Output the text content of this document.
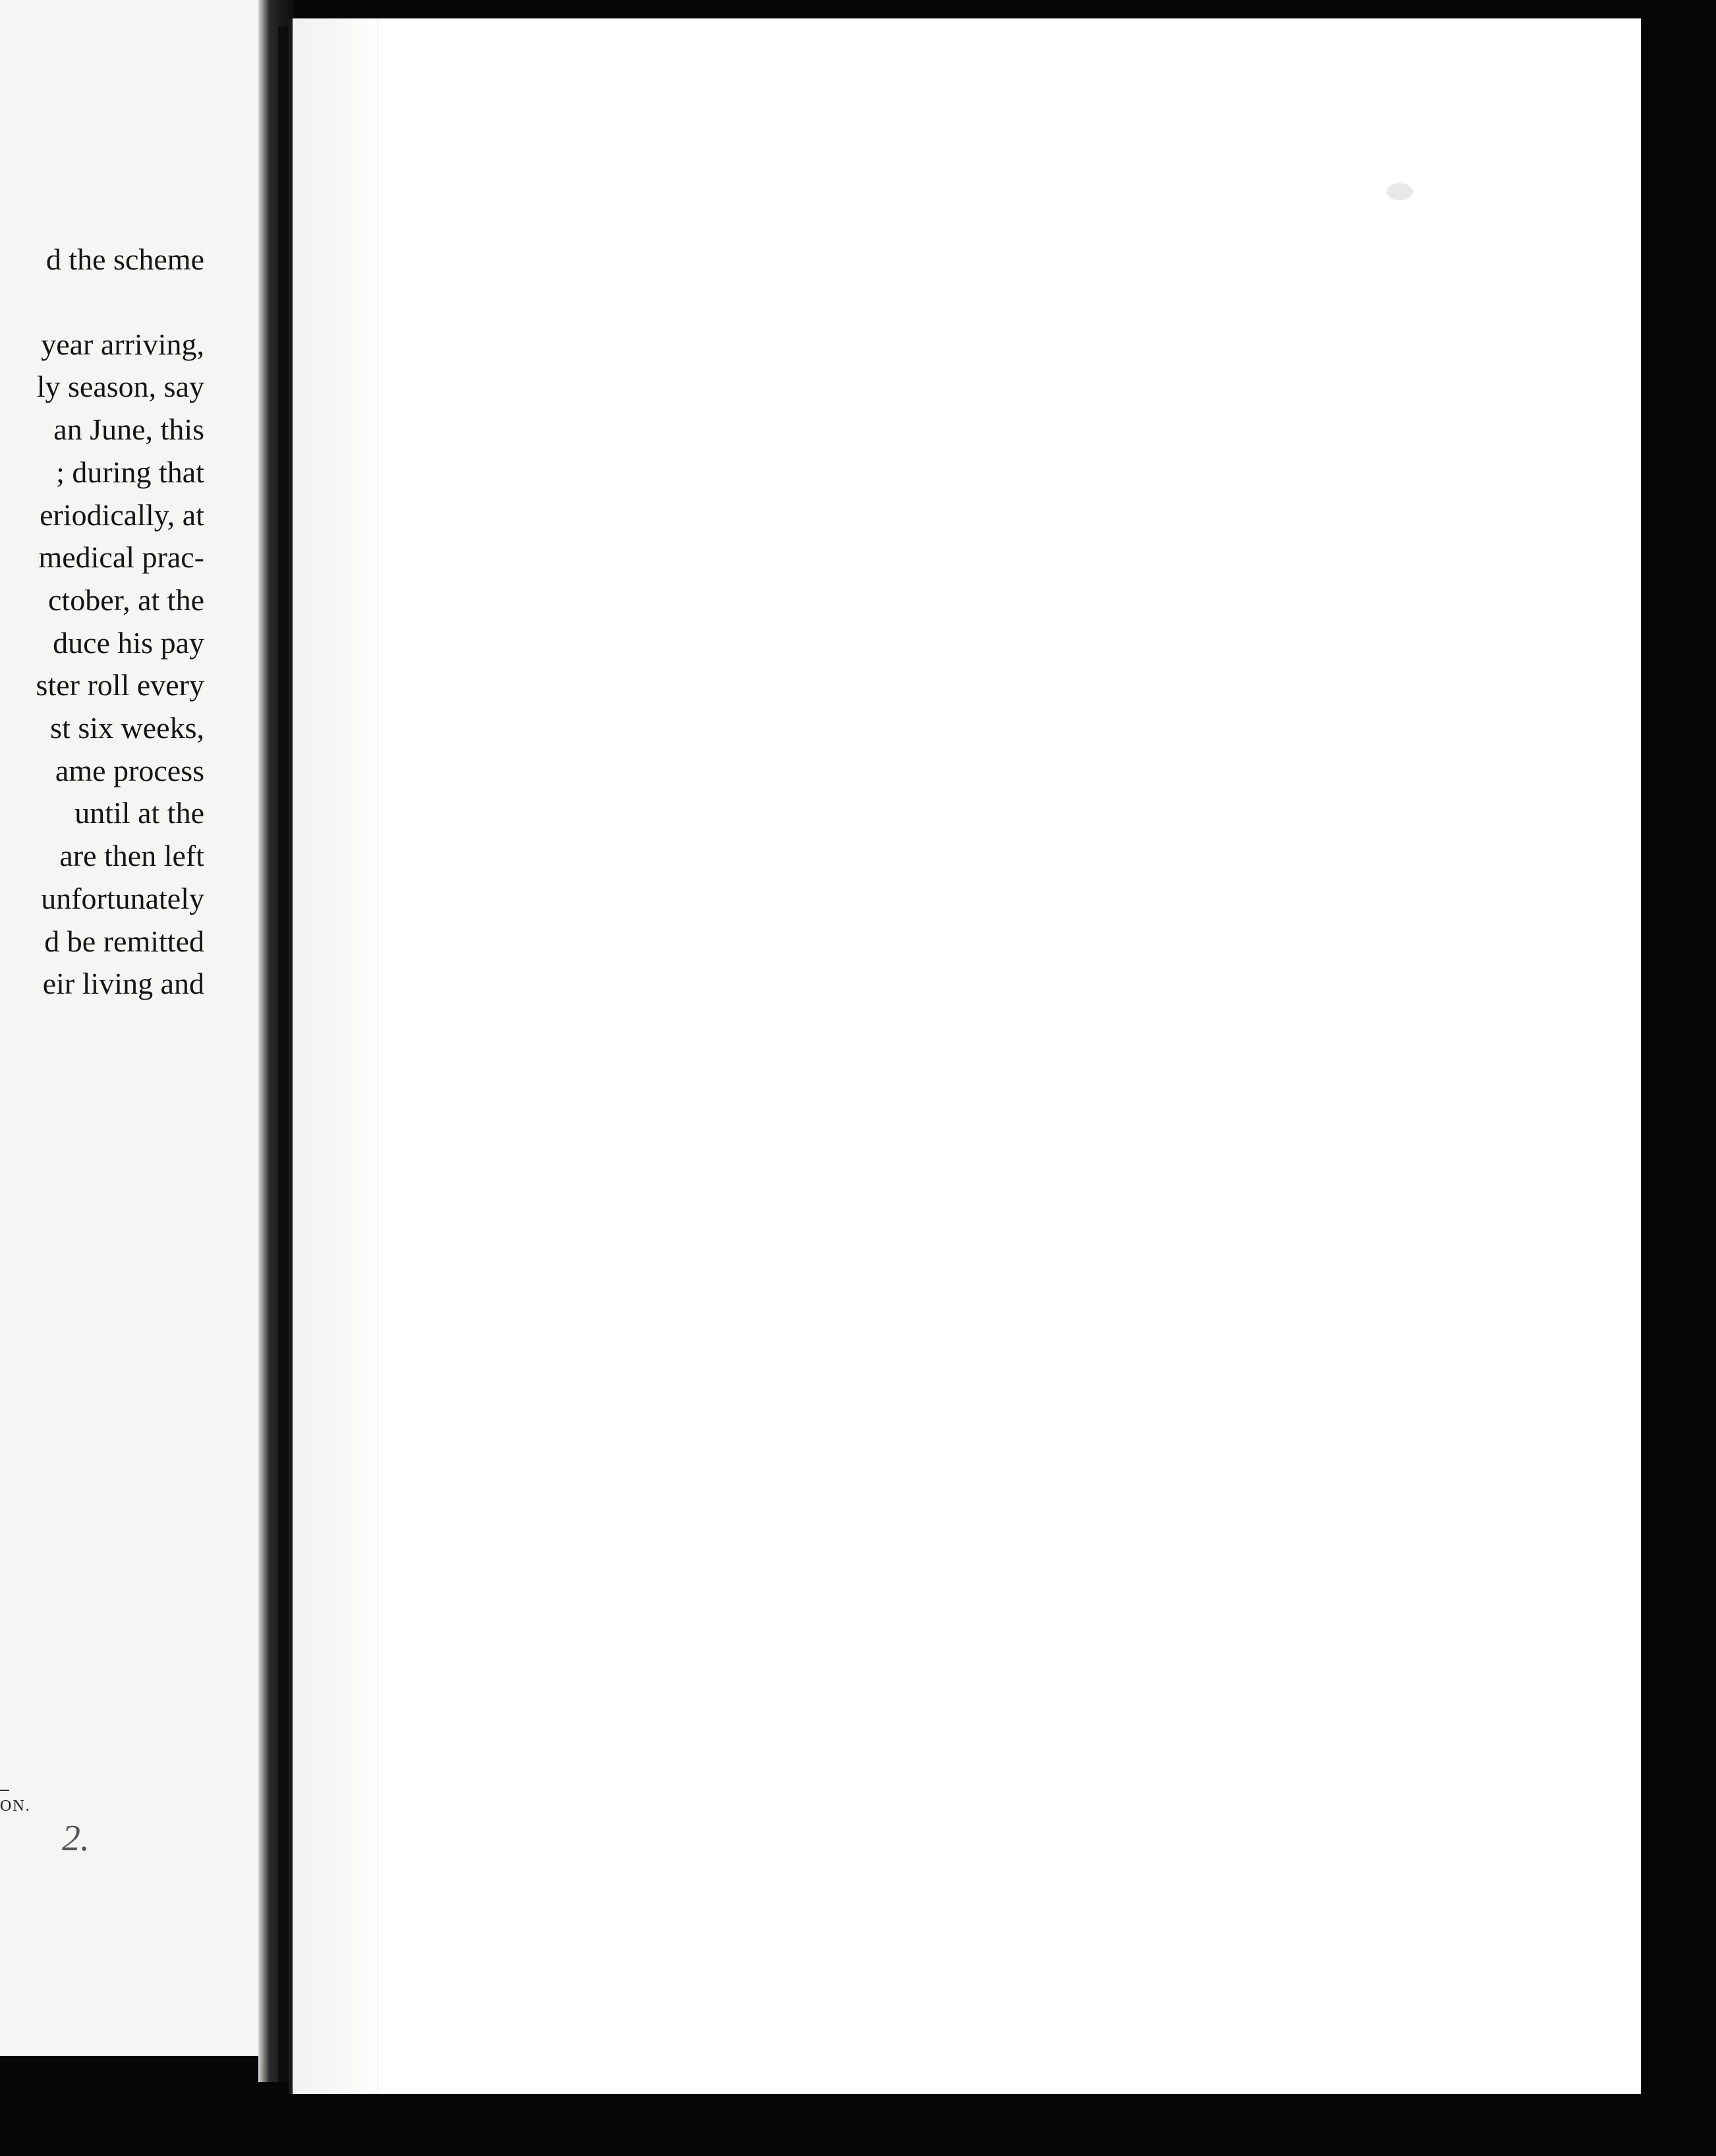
d the scheme
year arriving,
ly season, say
an June, this
; during that
eriodically, at
medical prac-
ctober, at the
duce his pay
ster roll every
st six weeks,
ame process
until at the
are then left
unfortunately
d be remitted
eir living and
ON.
2.
